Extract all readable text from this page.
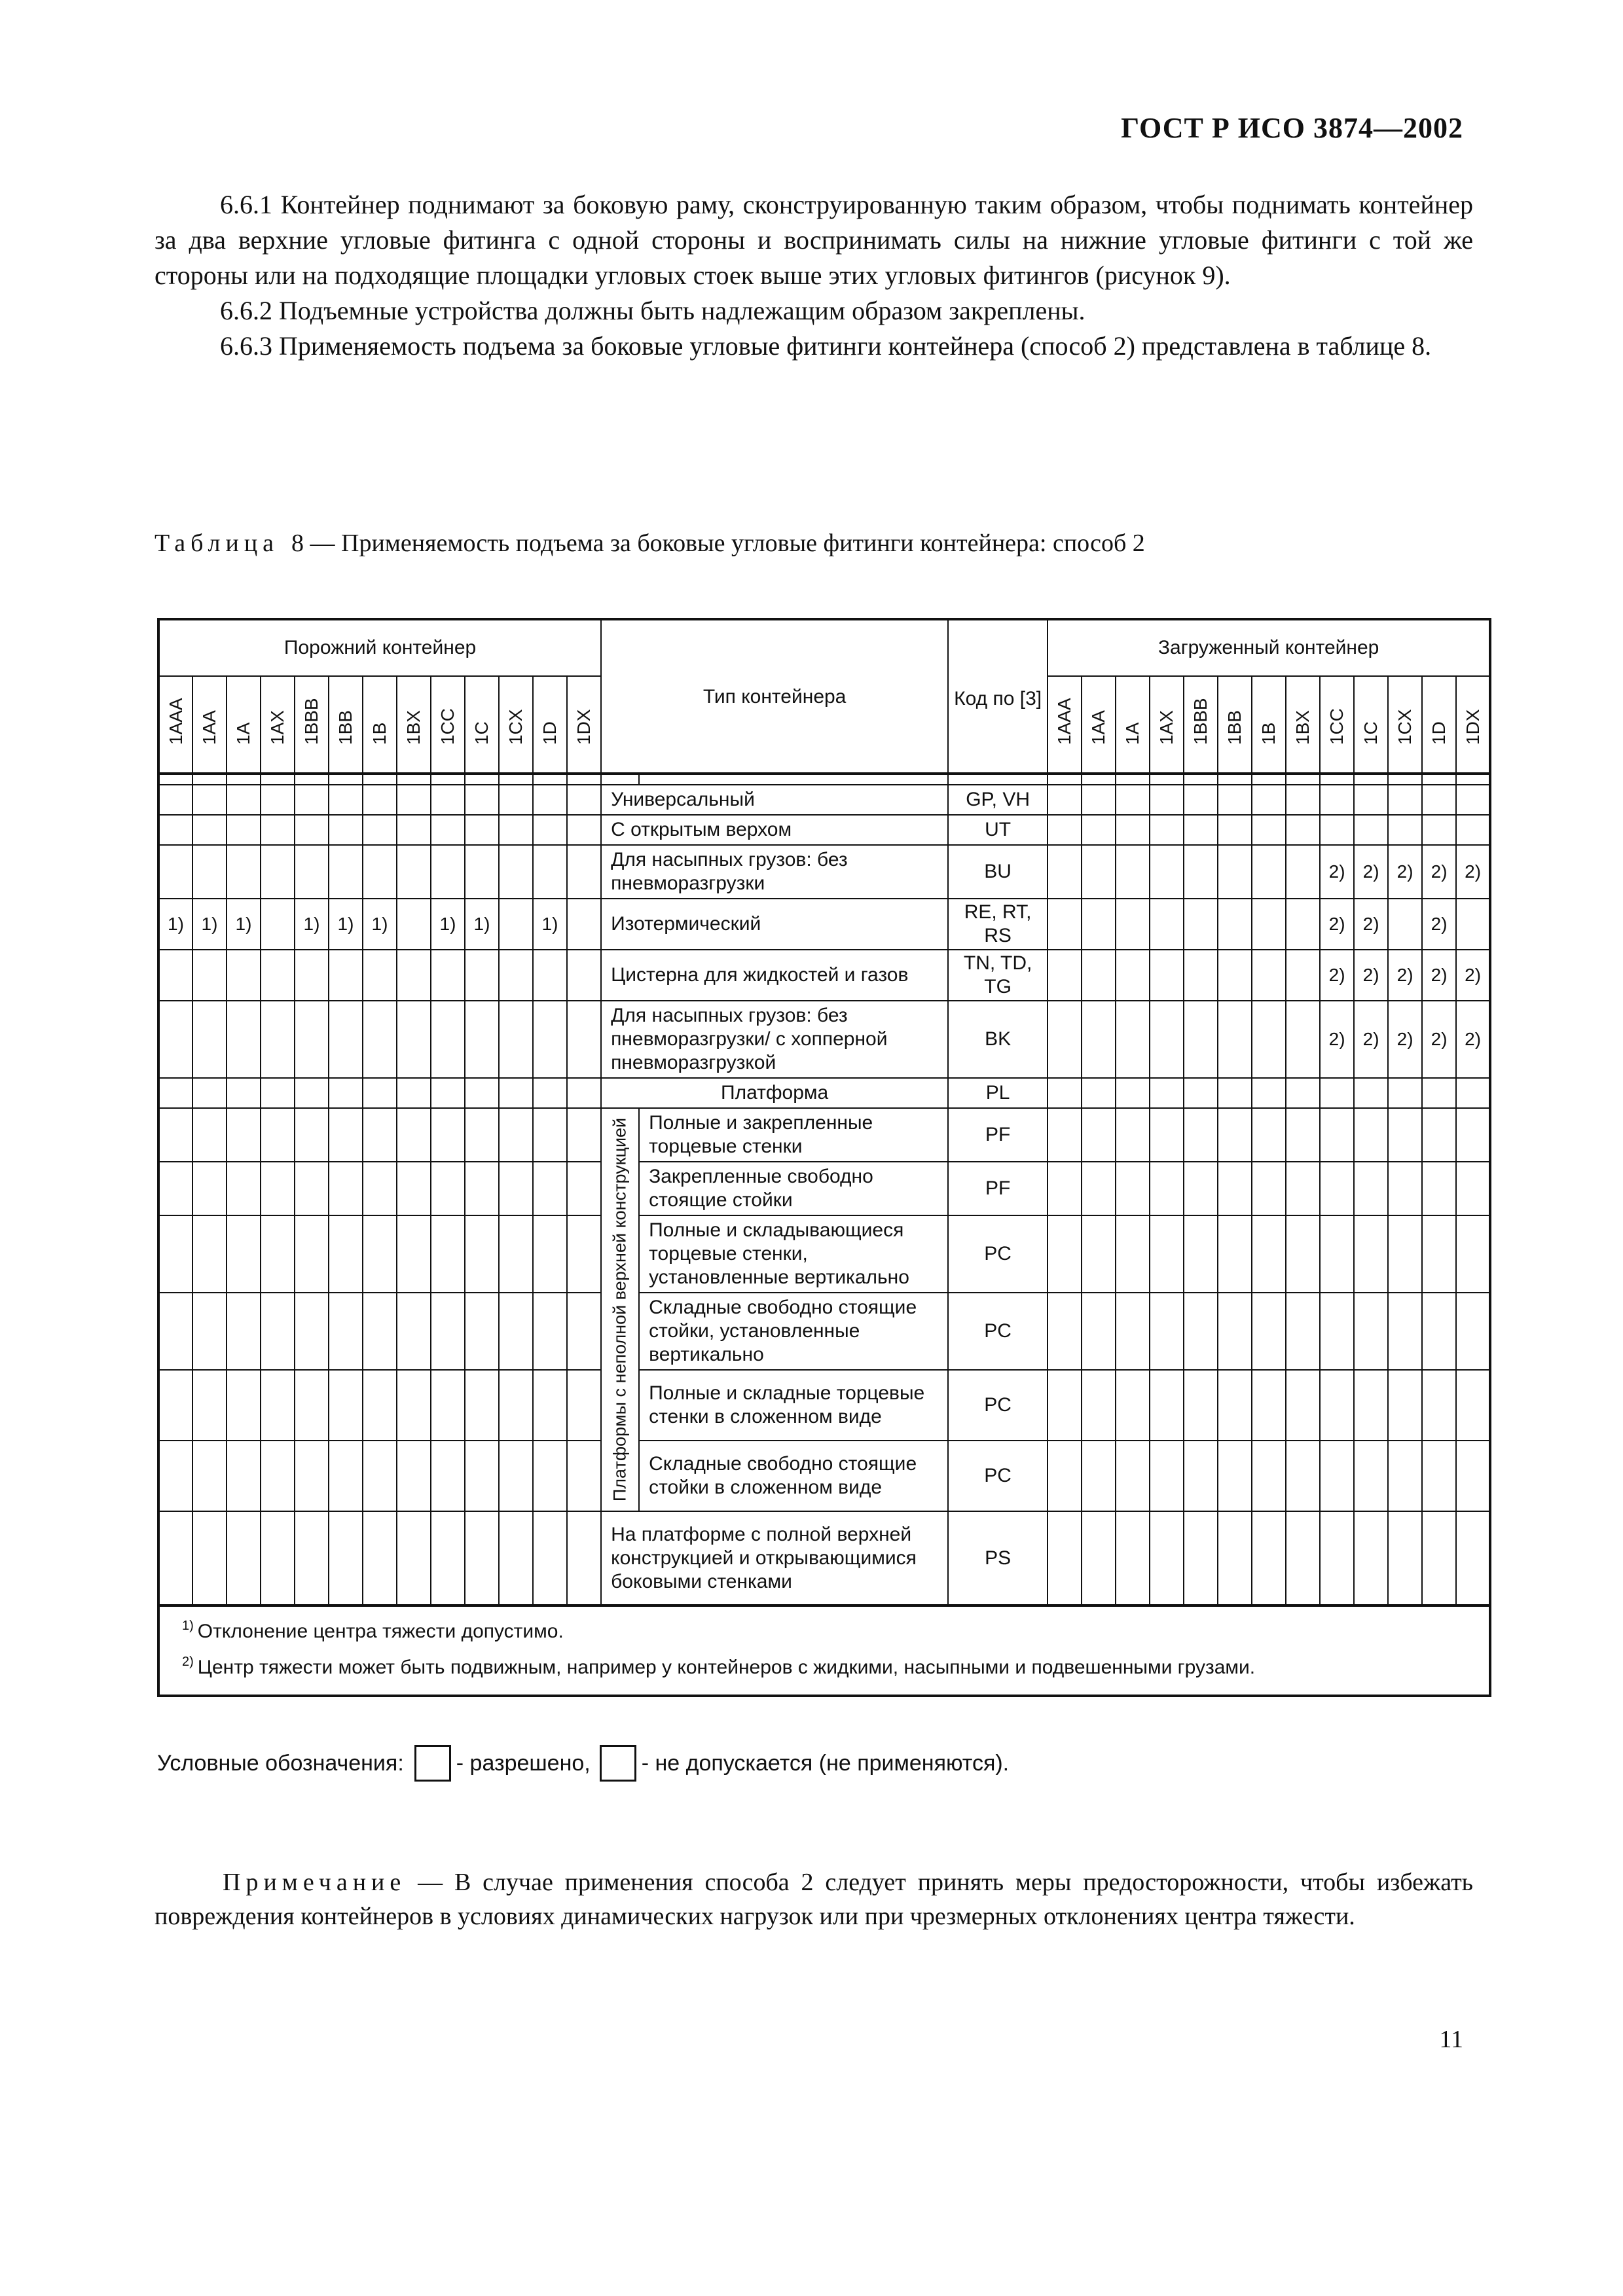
ГОСТ Р ИСО 3874—2002

6.6.1 Контейнер поднимают за боковую раму, сконструированную таким образом, чтобы поднимать контейнер за два верхние угловые фитинга с одной стороны и воспринимать силы на нижние угловые фитинги с той же стороны или на подходящие площадки угловых стоек выше этих угловых фитингов (рисунок 9).

6.6.2 Подъемные устройства должны быть надлежащим образом закреплены.

6.6.3 Применяемость подъема за боковые угловые фитинги контейнера (способ 2) представлена в таблице 8.

Таблица 8 — Применяемость подъема за боковые угловые фитинги контейнера: способ 2
Порожний контейнер													Тип контейнера		Код по [3]	Загруженный контейнер												

1AAA	1AA	1A	1AX	1BBB	1BB	1B	1BX	1CC	1C	1CX	1D	1DX				1AAA	1AA	1A	1AX	1BBB	1BB	1B	1BX	1CC	1C	1CX	1D	1DX

													Универсальный		GP, VH													
													С открытым верхом		UT													
													Для насыпных грузов: без пневморазгрузки		BU									2)	2)	2)	2)	2)
1)	1)	1)		1)	1)	1)		1)	1)		1)		Изотермический		RE, RT, RS									2)	2)		2)	
													Цистерна для жидкостей и газов		TN, TD, TG									2)	2)	2)	2)	2)
													Для насыпных грузов: без пневморазгрузки/ с хопперной пневморазгрузкой		BK									2)	2)	2)	2)	2)
													Платформа		PL													

													Платформы с неполной верхней конструкцией	Полные и закрепленные торцевые стенки	PF													
														Закрепленные свободно стоящие стойки	PF													
														Полные и складывающиеся торцевые стенки, установленные вертикально	PC													
														Складные свободно стоящие стойки, установленные вертикально	PC													
														Полные и складные торцевые стенки в сложенном виде	PC													
														Складные свободно стоящие стойки в сложенном виде	PC													
													На платформе с полной верхней конструкцией и открывающимися боковыми стенками		PS													

$^{1)}$ Отклонение центра тяжести допустимо.
$^{2)}$ Центр тяжести может быть подвижным, например у контейнеров с жидкими, насыпными и подвешенными грузами.																												
Условные обозначения: - разрешено, - не допускается (не применяются).
Примечание — В случае применения способа 2 следует принять меры предосторожности, чтобы избежать повреждения контейнеров в условиях динамических нагрузок или при чрезмерных отклонениях центра тяжести.
11
